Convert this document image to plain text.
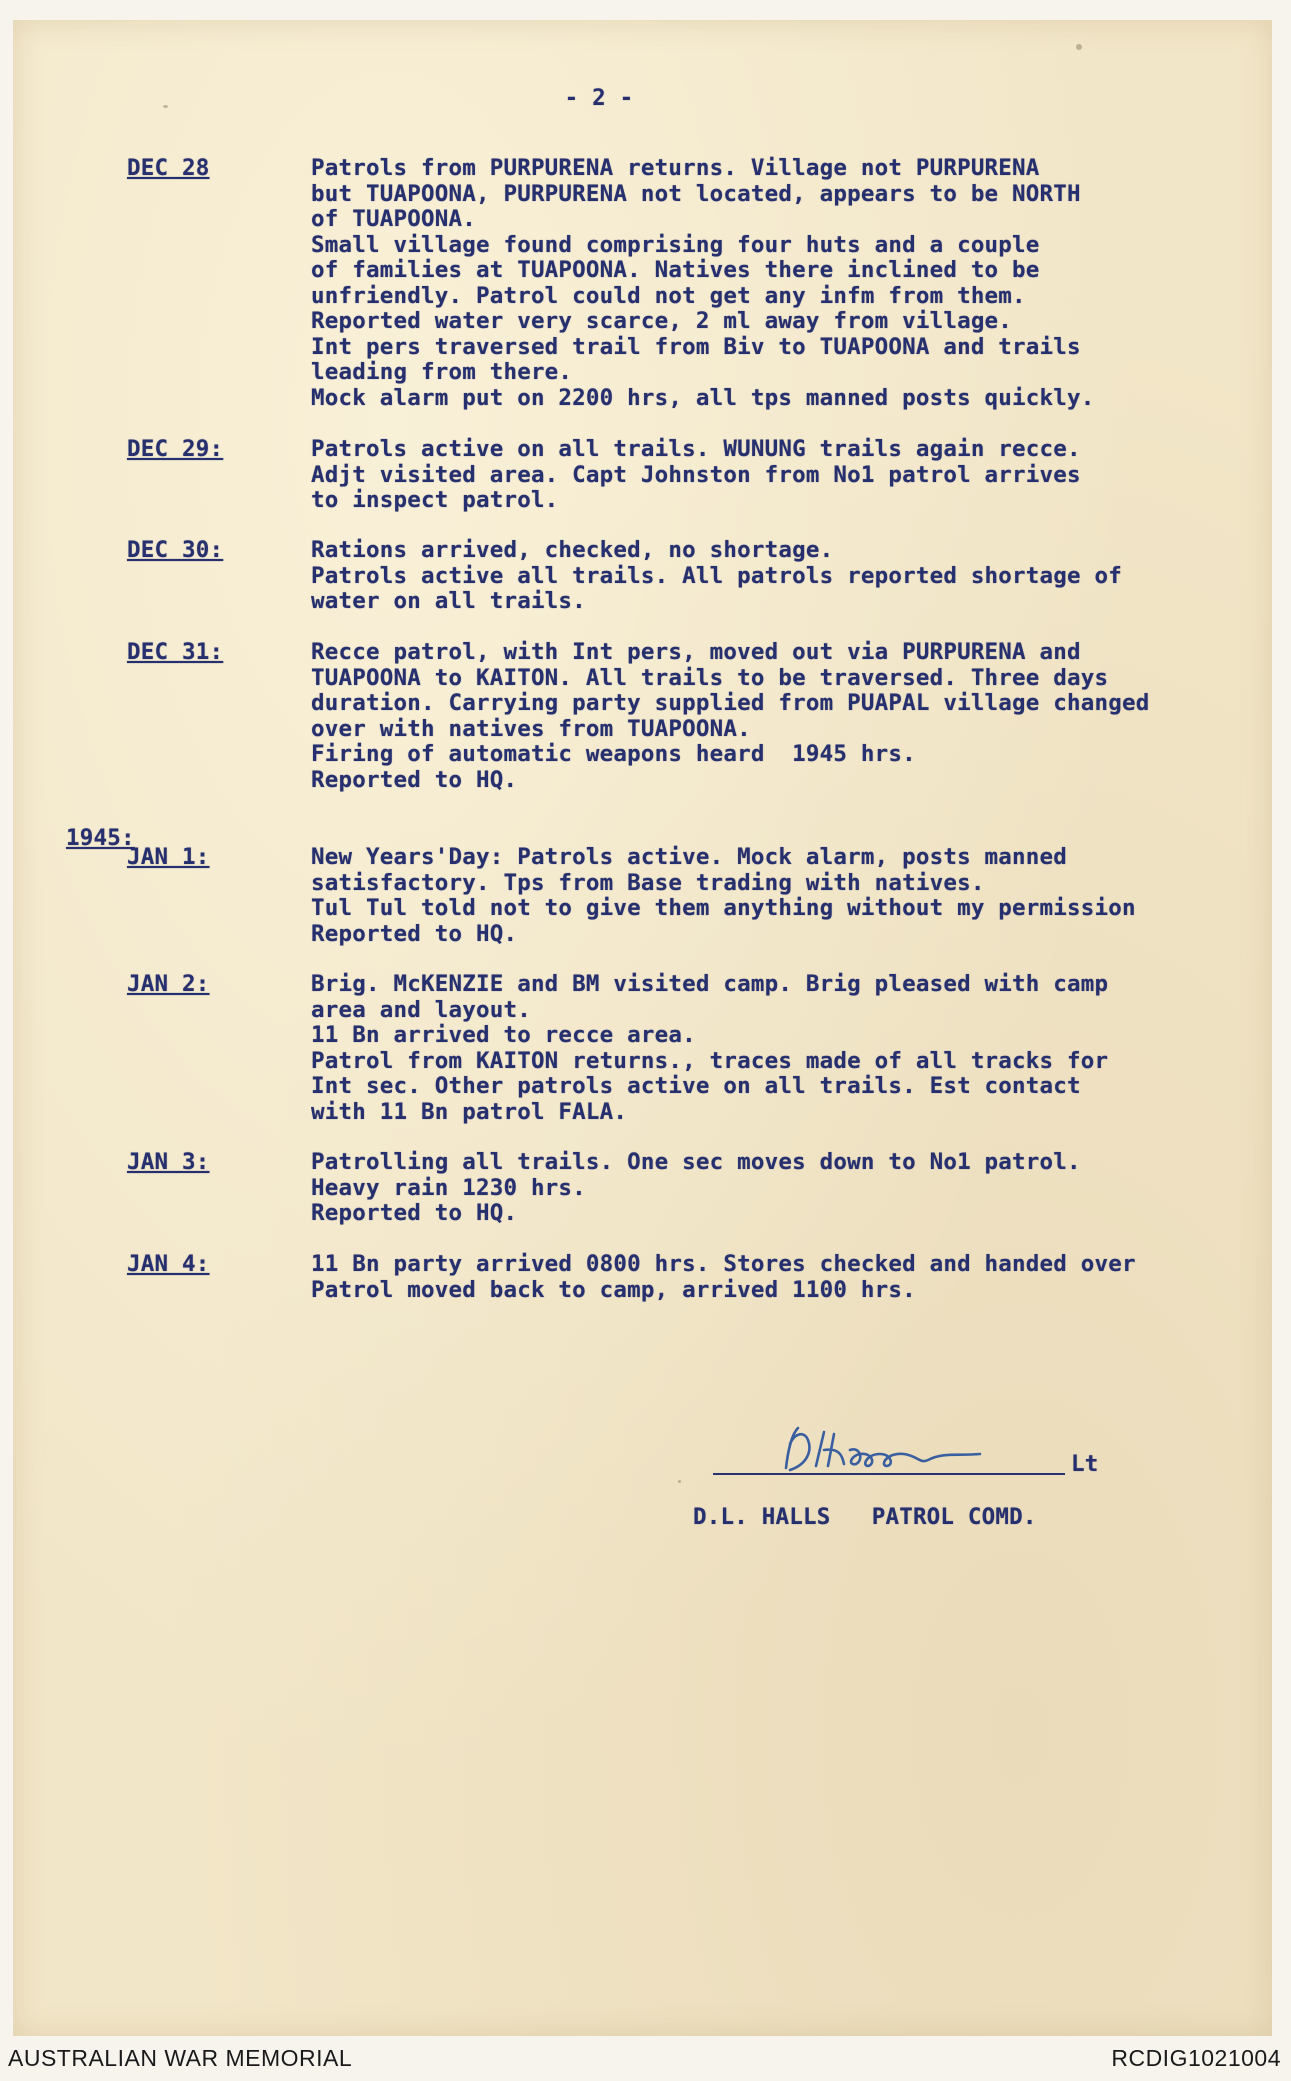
- 2 -
DEC 28	Patrols from PURPURENA returns. Village not PURPURENA
but TUAPOONA, PURPURENA not located, appears to be NORTH
of TUAPOONA.
Small village found comprising four huts and a couple
of families at TUAPOONA. Natives there inclined to be
unfriendly. Patrol could not get any infm from them.
Reported water very scarce, 2 ml away from village.
Int pers traversed trail from Biv to TUAPOONA and trails
leading from there.
Mock alarm put on 2200 hrs, all tps manned posts quickly.
DEC 29:	Patrols active on all trails. WUNUNG trails again recce.
Adjt visited area. Capt Johnston from No1 patrol arrives
to inspect patrol.
DEC 30:	Rations arrived, checked, no shortage.
Patrols active all trails. All patrols reported shortage of
water on all trails.
DEC 31:	Recce patrol, with Int pers, moved out via PURPURENA and
TUAPOONA to KAITON. All trails to be traversed. Three days
duration. Carrying party supplied from PUAPAL village changed
over with natives from TUAPOONA.
Firing of automatic weapons heard  1945 hrs.
Reported to HQ.
1945:
JAN 1:	New Years'Day: Patrols active. Mock alarm, posts manned
satisfactory. Tps from Base trading with natives.
Tul Tul told not to give them anything without my permission
Reported to HQ.
JAN 2:	Brig. McKENZIE and BM visited camp. Brig pleased with camp
area and layout.
11 Bn arrived to recce area.
Patrol from KAITON returns., traces made of all tracks for
Int sec. Other patrols active on all trails. Est contact
with 11 Bn patrol FALA.
JAN 3:	Patrolling all trails. One sec moves down to No1 patrol.
Heavy rain 1230 hrs.
Reported to HQ.
JAN 4:	11 Bn party arrived 0800 hrs. Stores checked and handed over
Patrol moved back to camp, arrived 1100 hrs.
D.L. Halls
Lt
D.L. HALLS   PATROL COMD.
AUSTRALIAN WAR MEMORIAL	RCDIG1021004
